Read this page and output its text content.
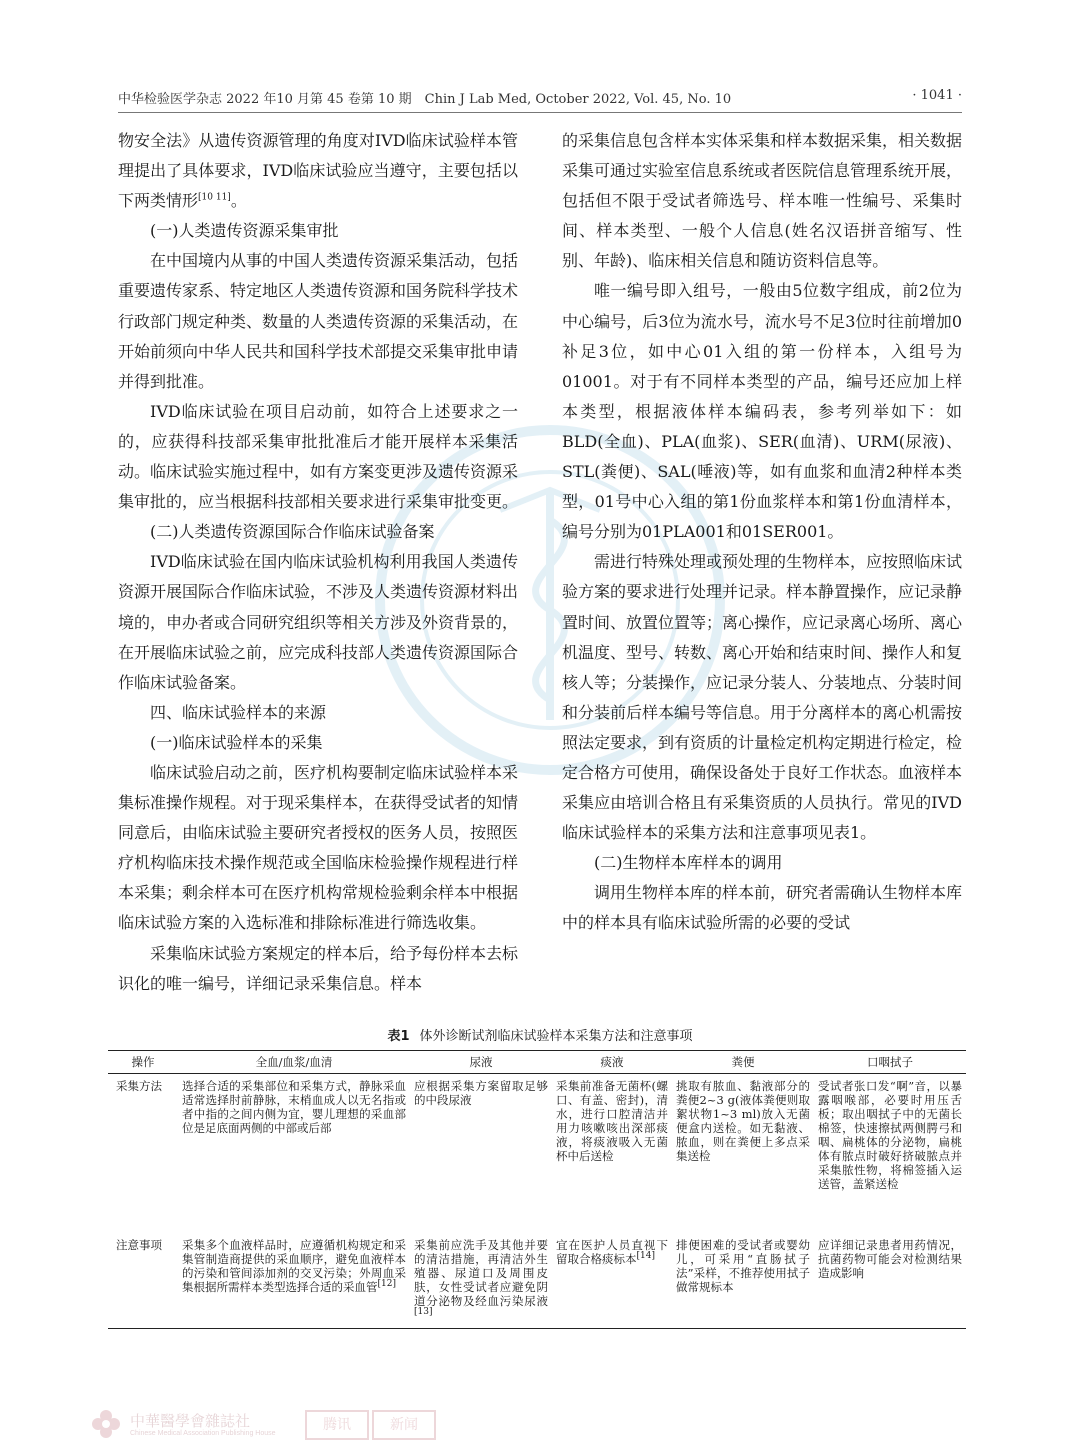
中华检验医学杂志 2022 年10 月第 45 卷第 10 期　Chin J Lab Med, October 2022, Vol. 45, No. 10	· 1041 ·

物安全法》从遗传资源管理的角度对IVD临床试验样本管理提出了具体要求，IVD临床试验应当遵守，主要包括以下两类情形[10 11]。

(一)人类遗传资源采集审批

在中国境内从事的中国人类遗传资源采集活动，包括重要遗传家系、特定地区人类遗传资源和国务院科学技术行政部门规定种类、数量的人类遗传资源的采集活动，在开始前须向中华人民共和国科学技术部提交采集审批申请并得到批准。

IVD临床试验在项目启动前，如符合上述要求之一的，应获得科技部采集审批批准后才能开展样本采集活动。临床试验实施过程中，如有方案变更涉及遗传资源采集审批的，应当根据科技部相关要求进行采集审批变更。

(二)人类遗传资源国际合作临床试验备案

IVD临床试验在国内临床试验机构利用我国人类遗传资源开展国际合作临床试验，不涉及人类遗传资源材料出境的，申办者或合同研究组织等相关方涉及外资背景的，在开展临床试验之前，应完成科技部人类遗传资源国际合作临床试验备案。

四、临床试验样本的来源

(一)临床试验样本的采集

临床试验启动之前，医疗机构要制定临床试验样本采集标准操作规程。对于现采集样本，在获得受试者的知情同意后，由临床试验主要研究者授权的医务人员，按照医疗机构临床技术操作规范或全国临床检验操作规程进行样本采集；剩余样本可在医疗机构常规检验剩余样本中根据临床试验方案的入选标准和排除标准进行筛选收集。

采集临床试验方案规定的样本后，给予每份样本去标识化的唯一编号，详细记录采集信息。样本

的采集信息包含样本实体采集和样本数据采集，相关数据采集可通过实验室信息系统或者医院信息管理系统开展，包括但不限于受试者筛选号、样本唯一性编号、采集时间、样本类型、一般个人信息(姓名汉语拼音缩写、性别、年龄)、临床相关信息和随访资料信息等。

唯一编号即入组号，一般由5位数字组成，前2位为中心编号，后3位为流水号，流水号不足3位时往前增加0补足3位，如中心01入组的第一份样本，入组号为01001。对于有不同样本类型的产品，编号还应加上样本类型，根据液体样本编码表，参考列举如下：如BLD(全血)、PLA(血浆)、SER(血清)、URM(尿液)、STL(粪便)、SAL(唾液)等，如有血浆和血清2种样本类型，01号中心入组的第1份血浆样本和第1份血清样本，编号分别为01PLA001和01SER001。

需进行特殊处理或预处理的生物样本，应按照临床试验方案的要求进行处理并记录。样本静置操作，应记录静置时间、放置位置等；离心操作，应记录离心场所、离心机温度、型号、转数、离心开始和结束时间、操作人和复核人等；分装操作，应记录分装人、分装地点、分装时间和分装前后样本编号等信息。用于分离样本的离心机需按照法定要求，到有资质的计量检定机构定期进行检定，检定合格方可使用，确保设备处于良好工作状态。血液样本采集应由培训合格且有采集资质的人员执行。常见的IVD临床试验样本的采集方法和注意事项见表1。

(二)生物样本库样本的调用

调用生物样本库的样本前，研究者需确认生物样本库中的样本具有临床试验所需的必要的受试

表1 体外诊断试剂临床试验样本采集方法和注意事项
操作	全血/血浆/血清	尿液	痰液	粪便	口咽拭子
采集方法	选择合适的采集部位和采集方式，静脉采血适常选择肘前静脉，末梢血成人以无名指或者中指的之间内侧为宜，婴儿理想的采血部位是足底面两侧的中部或后部	应根据采集方案留取足够的中段尿液	采集前准备无菌杯(螺口、有盖、密封)，清水，进行口腔清洁并用力咳嗽咳出深部痰液，将痰液吸入无菌杯中后送检	挑取有脓血、黏液部分的粪便2~3 g(液体粪便则取絮状物1~3 ml)放入无菌便盒内送检。如无黏液、脓血，则在粪便上多点采集送检	受试者张口发“啊”音，以暴露咽喉部，必要时用压舌板；取出咽拭子中的无菌长棉签，快速擦拭两侧腭弓和咽、扁桃体的分泌物，扁桃体有脓点时破好挤破脓点并采集脓性物，将棉签插入运送管，盖紧送检
注意事项	采集多个血液样品时，应遵循机构规定和采集管制造商提供的采血顺序，避免血液样本的污染和管间添加剂的交叉污染；外周血采集根据所需样本类型选择合适的采血管[12]	采集前应洗手及其他并要的清洁措施，再清洁外生殖器、尿道口及周围皮肤，女性受试者应避免阴道分泌物及经血污染尿液[13]	宜在医护人员直视下留取合格痰标本[14]	排便困难的受试者或婴幼儿，可采用“直肠拭子法”采样，不推荐使用拭子做常规标本	应详细记录患者用药情况，抗菌药物可能会对检测结果造成影响
中華醫學會雜誌社
Chinese Medical Association Publishing House
腾讯	新闻
